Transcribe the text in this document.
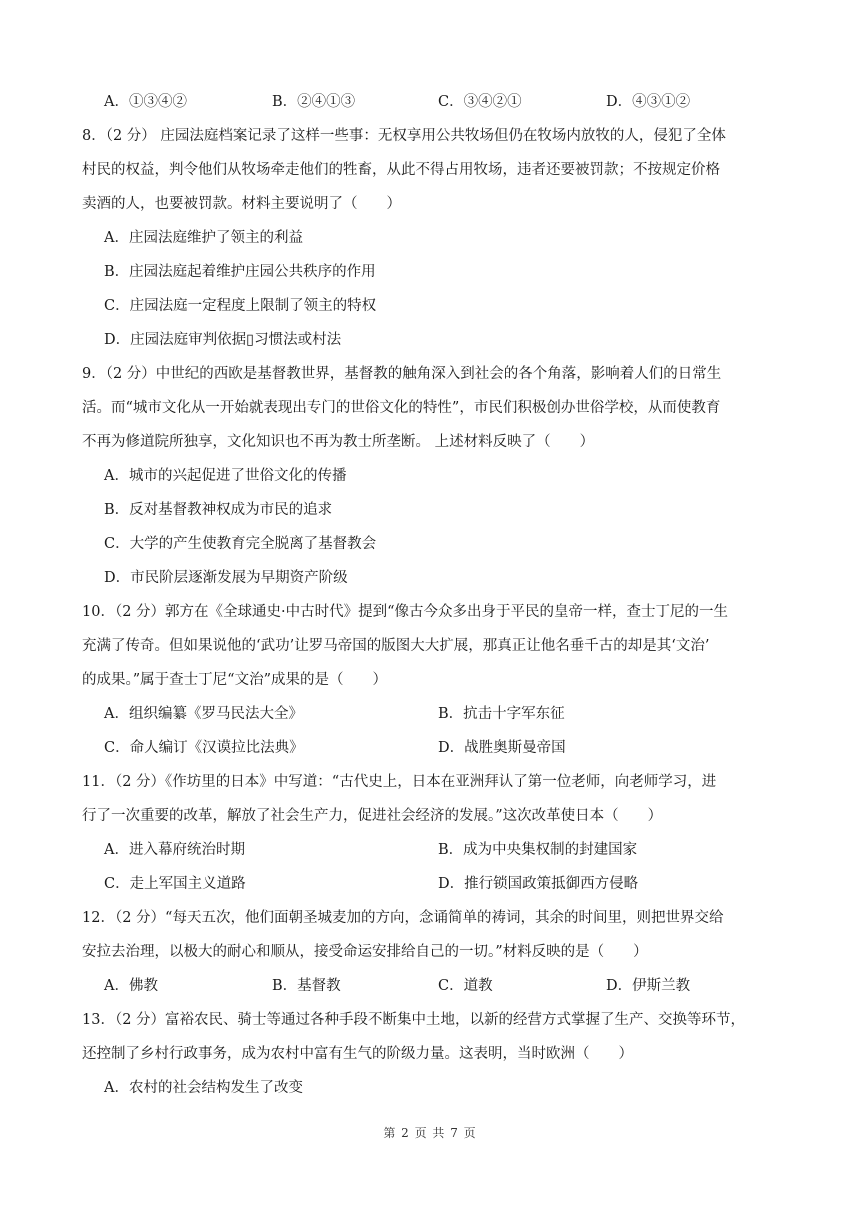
A．①③④②	B．②④①③	C．③④②①	D．④③①②
8．（2 分） 庄园法庭档案记录了这样一些事：无权享用公共牧场但仍在牧场内放牧的人，侵犯了全体
村民的权益，判令他们从牧场牵走他们的牲畜，从此不得占用牧场，违者还要被罚款；不按规定价格
卖酒的人，也要被罚款。材料主要说明了（　　）
A．庄园法庭维护了领主的利益
B．庄园法庭起着维护庄园公共秩序的作用
C．庄园法庭一定程度上限制了领主的特权
D．庄园法庭审判依据▯习惯法或村法
9．（2 分）中世纪的西欧是基督教世界，基督教的触角深入到社会的各个角落，影响着人们的日常生
活。而“城市文化从一开始就表现出专门的世俗文化的特性”，市民们积极创办世俗学校，从而使教育
不再为修道院所独享，文化知识也不再为教士所垄断。 上述材料反映了（　　）
A．城市的兴起促进了世俗文化的传播
B．反对基督教神权成为市民的追求
C．大学的产生使教育完全脱离了基督教会
D．市民阶层逐渐发展为早期资产阶级
10．（2 分）郭方在《全球通史·中古时代》提到“像古今众多出身于平民的皇帝一样，查士丁尼的一生
充满了传奇。但如果说他的‘武功’让罗马帝国的版图大大扩展，那真正让他名垂千古的却是其‘文治’
的成果。”属于查士丁尼“文治”成果的是（　　）
A．组织编纂《罗马民法大全》	B．抗击十字军东征
C．命人编订《汉谟拉比法典》	D．战胜奥斯曼帝国
11．（2 分）《作坊里的日本》中写道：“古代史上，日本在亚洲拜认了第一位老师，向老师学习，进
行了一次重要的改革，解放了社会生产力，促进社会经济的发展。”这次改革使日本（　　）
A．进入幕府统治时期	B．成为中央集权制的封建国家
C．走上军国主义道路	D．推行锁国政策抵御西方侵略
12．（2 分）“每天五次，他们面朝圣城麦加的方向，念诵简单的祷词，其余的时间里，则把世界交给
安拉去治理，以极大的耐心和顺从，接受命运安排给自己的一切。”材料反映的是（　　）
A．佛教	B．基督教	C．道教	D．伊斯兰教
13．（2 分）富裕农民、骑士等通过各种手段不断集中土地，以新的经营方式掌握了生产、交换等环节，
还控制了乡村行政事务，成为农村中富有生气的阶级力量。这表明，当时欧洲（　　）
A．农村的社会结构发生了改变
第 2 页 共 7 页
